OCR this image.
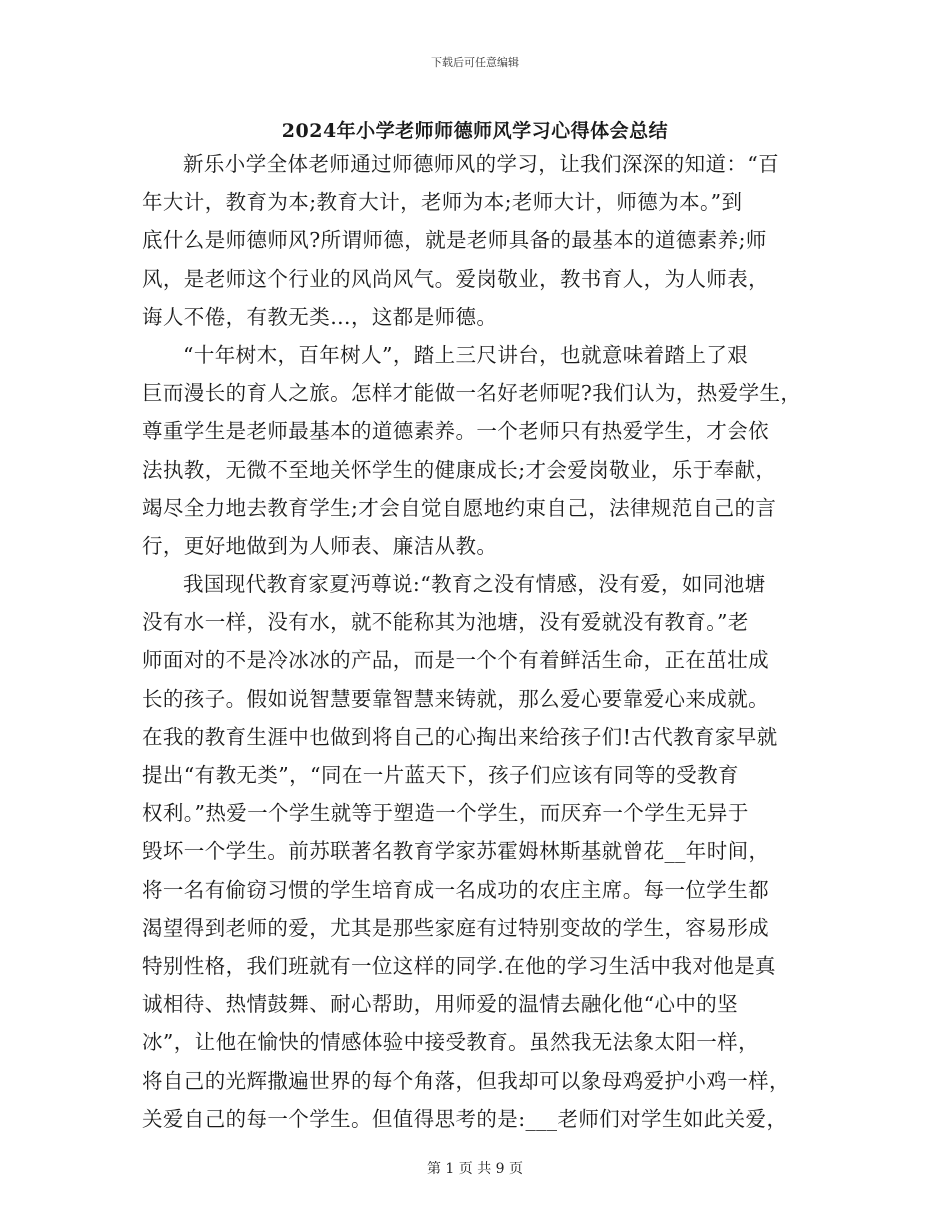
下载后可任意编辑
2024年小学老师师德师风学习心得体会总结
新乐小学全体老师通过师德师风的学习，让我们深深的知道：“百
年大计，教育为本;教育大计，老师为本;老师大计，师德为本。”到
底什么是师德师风?所谓师德，就是老师具备的最基本的道德素养;师
风，是老师这个行业的风尚风气。爱岗敬业，教书育人，为人师表，
诲人不倦，有教无类…，这都是师德。
“十年树木，百年树人”，踏上三尺讲台，也就意味着踏上了艰
巨而漫长的育人之旅。怎样才能做一名好老师呢?我们认为，热爱学生，
尊重学生是老师最基本的道德素养。一个老师只有热爱学生，才会依
法执教，无微不至地关怀学生的健康成长;才会爱岗敬业，乐于奉献，
竭尽全力地去教育学生;才会自觉自愿地约束自己，法律规范自己的言
行，更好地做到为人师表、廉洁从教。
我国现代教育家夏沔尊说:“教育之没有情感，没有爱，如同池塘
没有水一样，没有水，就不能称其为池塘，没有爱就没有教育。”老
师面对的不是冷冰冰的产品，而是一个个有着鲜活生命，正在茁壮成
长的孩子。假如说智慧要靠智慧来铸就，那么爱心要靠爱心来成就。
在我的教育生涯中也做到将自己的心掏出来给孩子们!古代教育家早就
提出“有教无类”，“同在一片蓝天下，孩子们应该有同等的受教育
权利。”热爱一个学生就等于塑造一个学生，而厌弃一个学生无异于
毁坏一个学生。前苏联著名教育学家苏霍姆林斯基就曾花__年时间，
将一名有偷窃习惯的学生培育成一名成功的农庄主席。每一位学生都
渴望得到老师的爱，尤其是那些家庭有过特别变故的学生，容易形成
特别性格，我们班就有一位这样的同学.在他的学习生活中我对他是真
诚相待、热情鼓舞、耐心帮助，用师爱的温情去融化他“心中的坚
冰”，让他在愉快的情感体验中接受教育。虽然我无法象太阳一样，
将自己的光辉撒遍世界的每个角落，但我却可以象母鸡爱护小鸡一样，
关爱自己的每一个学生。但值得思考的是:___老师们对学生如此关爱，
第 1 页 共 9 页
